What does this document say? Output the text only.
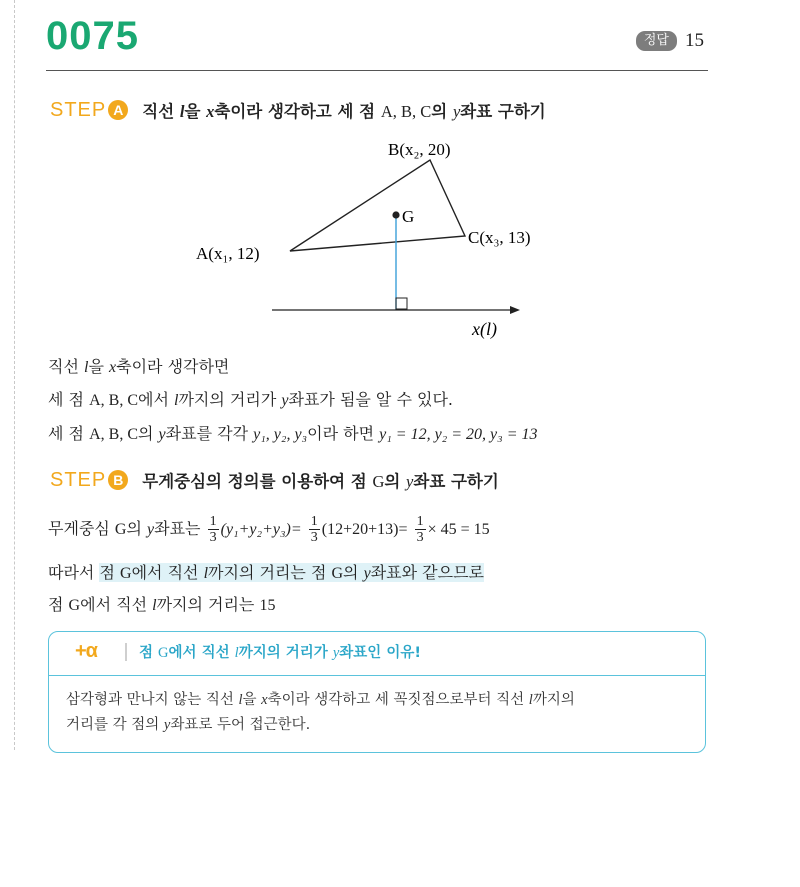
0075	정답 15
STEP A 직선 l을 x축이라 생각하고 세 점 A, B, C의 y좌표 구하기
G
B(x₂, 20)
A(x₁, 12)
C(x₃, 13)
x(l)
직선 l을 x축이라 생각하면
세 점 A, B, C에서 l까지의 거리가 y좌표가 됨을 알 수 있다.
세 점 A, B, C의 y좌표를 각각 y₁, y₂, y₃이라 하면 y₁ = 12, y₂ = 20, y₃ = 13
STEP B 무게중심의 정의를 이용하여 점 G의 y좌표 구하기
무게중심 G의 y좌표는 $\frac{1}{3} (y_1+y_2+y_3)= \frac{1}{3} (12+20+13)= \frac{1}{3} \times 45 = 15$
따라서 점 G에서 직선 l까지의 거리는 점 G의 y좌표와 같으므로
점 G에서 직선 l까지의 거리는 15
+α	점 G에서 직선 l까지의 거리가 y좌표인 이유!
삼각형과 만나지 않는 직선 l을 x축이라 생각하고 세 꼭짓점으로부터 직선 l까지의
거리를 각 점의 y좌표로 두어 접근한다.
